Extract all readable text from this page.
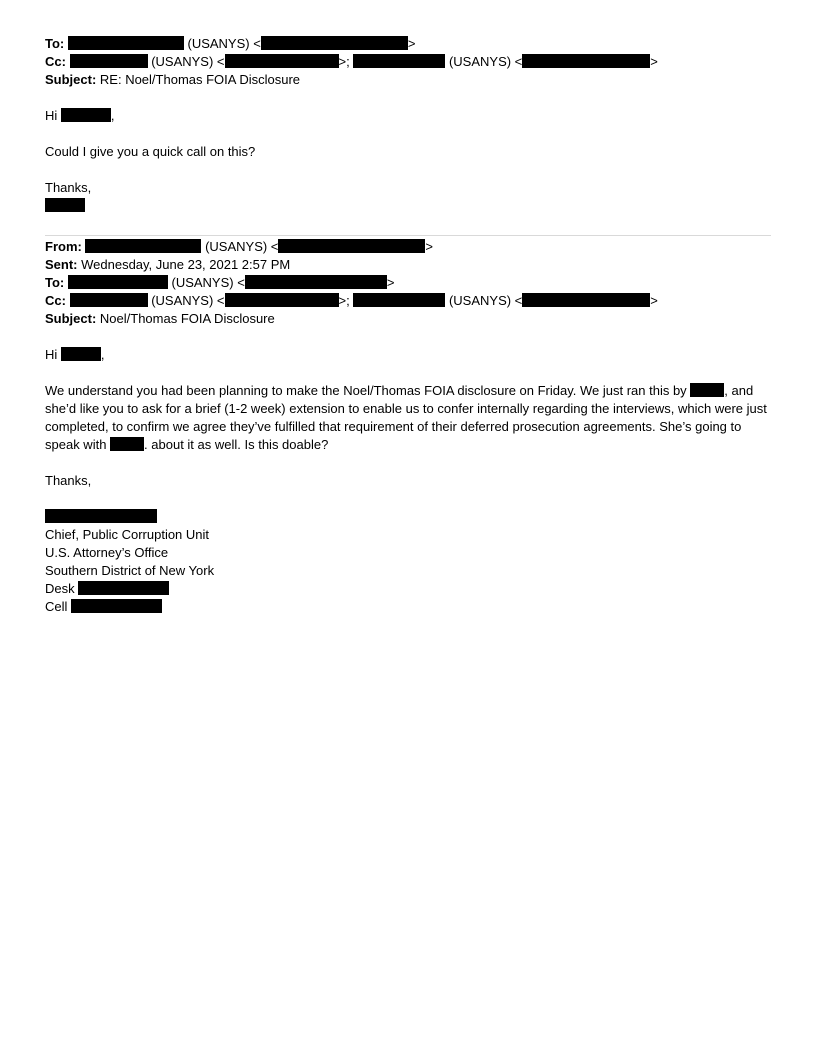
To:	(USANYS) <	>
Cc:	(USANYS) <	>;	(USANYS) <	>
Subject: RE: Noel/Thomas FOIA Disclosure
Hi	,
Could I give you a quick call on this?
Thanks,
From:	(USANYS) <	>
Sent: Wednesday, June 23, 2021 2:57 PM
To:	(USANYS) <	>
Cc:	(USANYS) <	>;	(USANYS) <	>
Subject: Noel/Thomas FOIA Disclosure
Hi	,
We understand you had been planning to make the Noel/Thomas FOIA disclosure on Friday. We just ran this by	, and she’d like you to ask for a brief (1-2 week) extension to enable us to confer internally regarding the interviews, which were just completed, to confirm we agree they’ve fulfilled that requirement of their deferred prosecution agreements. She’s going to speak with	. about it as well. Is this doable?
Thanks,
Chief, Public Corruption Unit
U.S. Attorney’s Office
Southern District of New York
Desk
Cell
